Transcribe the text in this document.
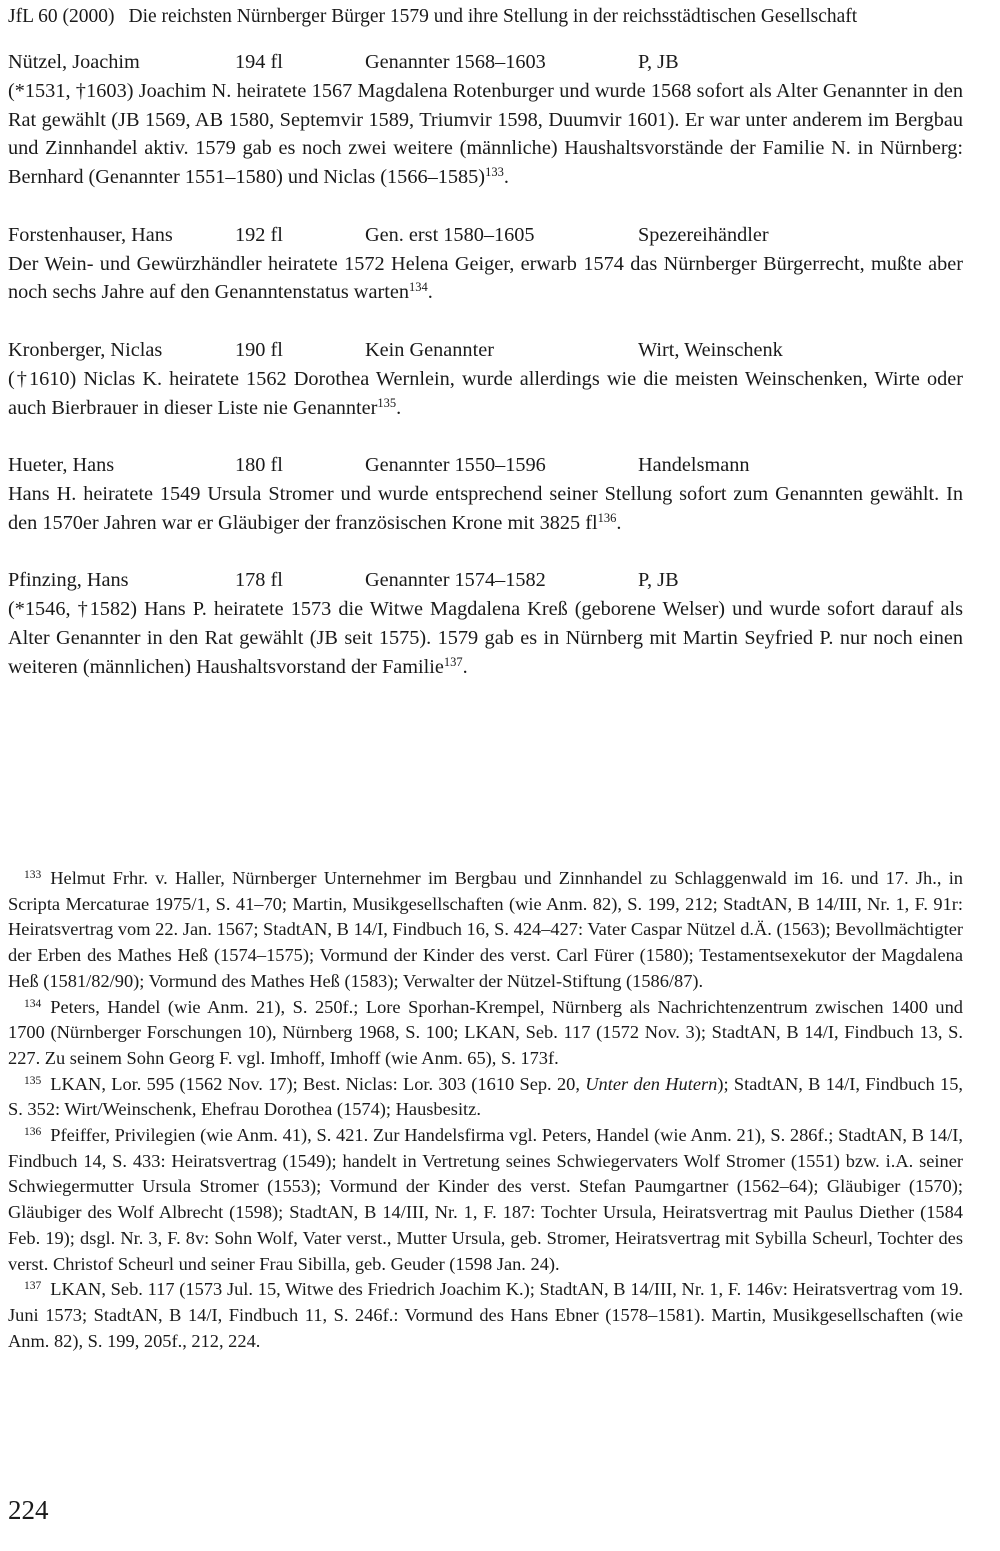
JfL 60 (2000) Die reichsten Nürnberger Bürger 1579 und ihre Stellung in der reichsstädtischen Gesellschaft
Nützel, Joachim	194 fl	Genannter 1568–1603	P, JB
(*1531, †1603) Joachim N. heiratete 1567 Magdalena Rotenburger und wurde 1568 sofort als Alter Genannter in den Rat gewählt (JB 1569, AB 1580, Septemvir 1589, Triumvir 1598, Duumvir 1601). Er war unter anderem im Bergbau und Zinnhandel aktiv. 1579 gab es noch zwei weitere (männliche) Haushaltsvorstände der Familie N. in Nürnberg: Bernhard (Genannter 1551–1580) und Niclas (1566–1585)$^{133}$.
Forstenhauser, Hans	192 fl	Gen. erst 1580–1605	Spezereihändler
Der Wein- und Gewürzhändler heiratete 1572 Helena Geiger, erwarb 1574 das Nürnberger Bürgerrecht, mußte aber noch sechs Jahre auf den Genanntenstatus warten$^{134}$.
Kronberger, Niclas	190 fl	Kein Genannter	Wirt, Weinschenk
(†1610) Niclas K. heiratete 1562 Dorothea Wernlein, wurde allerdings wie die meisten Weinschenken, Wirte oder auch Bierbrauer in dieser Liste nie Genannter$^{135}$.
Hueter, Hans	180 fl	Genannter 1550–1596	Handelsmann
Hans H. heiratete 1549 Ursula Stromer und wurde entsprechend seiner Stellung sofort zum Genannten gewählt. In den 1570er Jahren war er Gläubiger der französischen Krone mit 3825 $fl^{136}$.
Pfinzing, Hans	178 fl	Genannter 1574–1582	P, JB
(*1546, †1582) Hans P. heiratete 1573 die Witwe Magdalena Kreß (geborene Welser) und wurde sofort darauf als Alter Genannter in den Rat gewählt (JB seit 1575). 1579 gab es in Nürnberg mit Martin Seyfried P. nur noch einen weiteren (männlichen) Haushaltsvorstand der Familie$^{137}$.
$^{133}$ Helmut Frhr. v. Haller, Nürnberger Unternehmer im Bergbau und Zinnhandel zu Schlaggenwald im 16. und 17. Jh., in Scripta Mercaturae 1975/1, S. 41–70; Martin, Musikgesellschaften (wie Anm. 82), S. 199, 212; StadtAN, B 14/III, Nr. 1, F. 91r: Heiratsvertrag vom 22. Jan. 1567; StadtAN, B 14/I, Findbuch 16, S. 424–427: Vater Caspar Nützel d.Ä. (1563); Bevollmächtigter der Erben des Mathes Heß (1574–1575); Vormund der Kinder des verst. Carl Fürer (1580); Testamentsexekutor der Magdalena Heß (1581/82/90); Vormund des Mathes Heß (1583); Verwalter der Nützel-Stiftung (1586/87).
$^{134}$ Peters, Handel (wie Anm. 21), S. 250f.; Lore Sporhan-Krempel, Nürnberg als Nachrichtenzentrum zwischen 1400 und 1700 (Nürnberger Forschungen 10), Nürnberg 1968, S. 100; LKAN, Seb. 117 (1572 Nov. 3); StadtAN, B 14/I, Findbuch 13, S. 227. Zu seinem Sohn Georg F. vgl. Imhoff, Imhoff (wie Anm. 65), S. 173f.
$^{135}$ LKAN, Lor. 595 (1562 Nov. 17); Best. Niclas: Lor. 303 (1610 Sep. 20, Unter den Hutern); StadtAN, B 14/I, Findbuch 15, S. 352: Wirt/Weinschenk, Ehefrau Dorothea (1574); Hausbesitz.
$^{136}$ Pfeiffer, Privilegien (wie Anm. 41), S. 421. Zur Handelsfirma vgl. Peters, Handel (wie Anm. 21), S. 286f.; StadtAN, B 14/I, Findbuch 14, S. 433: Heiratsvertrag (1549); handelt in Vertretung seines Schwiegervaters Wolf Stromer (1551) bzw. i.A. seiner Schwiegermutter Ursula Stromer (1553); Vormund der Kinder des verst. Stefan Paumgartner (1562–64); Gläubiger (1570); Gläubiger des Wolf Albrecht (1598); StadtAN, B 14/III, Nr. 1, F. 187: Tochter Ursula, Heiratsvertrag mit Paulus Diether (1584 Feb. 19); dsgl. Nr. 3, F. 8v: Sohn Wolf, Vater verst., Mutter Ursula, geb. Stromer, Heiratsvertrag mit Sybilla Scheurl, Tochter des verst. Christof Scheurl und seiner Frau Sibilla, geb. Geuder (1598 Jan. 24).
$^{137}$ LKAN, Seb. 117 (1573 Jul. 15, Witwe des Friedrich Joachim K.); StadtAN, B 14/III, Nr. 1, F. 146v: Heiratsvertrag vom 19. Juni 1573; StadtAN, B 14/I, Findbuch 11, S. 246f.: Vormund des Hans Ebner (1578–1581). Martin, Musikgesellschaften (wie Anm. 82), S. 199, 205f., 212, 224.
224
